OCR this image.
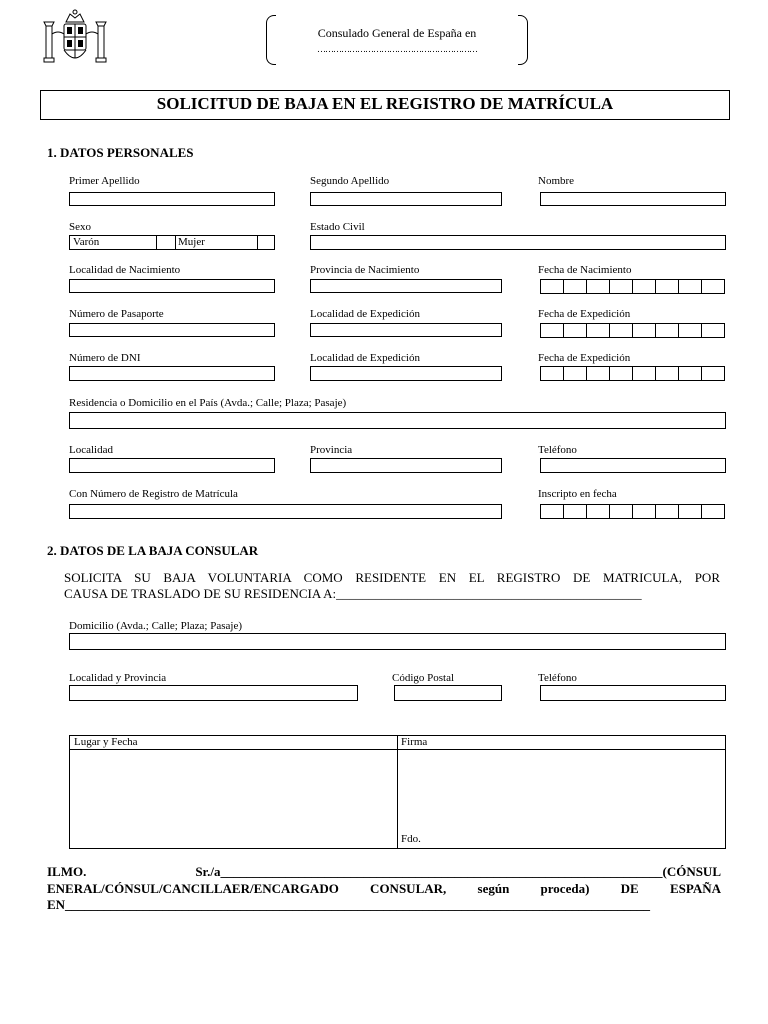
Consulado General de España en
……………………………………………………
SOLICITUD DE BAJA EN EL REGISTRO DE MATRÍCULA
1. DATOS PERSONALES
Primer Apellido	Segundo Apellido	Nombre
Sexo	Estado Civil
Varón	Mujer
Localidad de Nacimiento	Provincia de Nacimiento	Fecha de Nacimiento
Número de Pasaporte	Localidad de Expedición	Fecha de Expedición
Número de DNI	Localidad de Expedición	Fecha de Expedición
Residencia o Domicilio en el País (Avda.; Calle; Plaza; Pasaje)
Localidad	Provincia	Teléfono
Con Número de Registro de Matrícula	Inscripto en fecha
2. DATOS DE LA BAJA CONSULAR
SOLICITA SU BAJA VOLUNTARIA COMO RESIDENTE EN EL REGISTRO DE MATRICULA, POR
CAUSA DE TRASLADO DE SU RESIDENCIA A:_______________________________________________
Domicilio (Avda.; Calle; Plaza; Pasaje)
Localidad y Provincia	Código Postal	Teléfono
Lugar y Fecha	Firma
Fdo.
ILMO. Sr./a____________________________________________________________________(CÓNSUL
ENERAL/CÓNSUL/CANCILLAER/ENCARGADO CONSULAR, según proceda) DE ESPAÑA
EN__________________________________________________________________________________________
